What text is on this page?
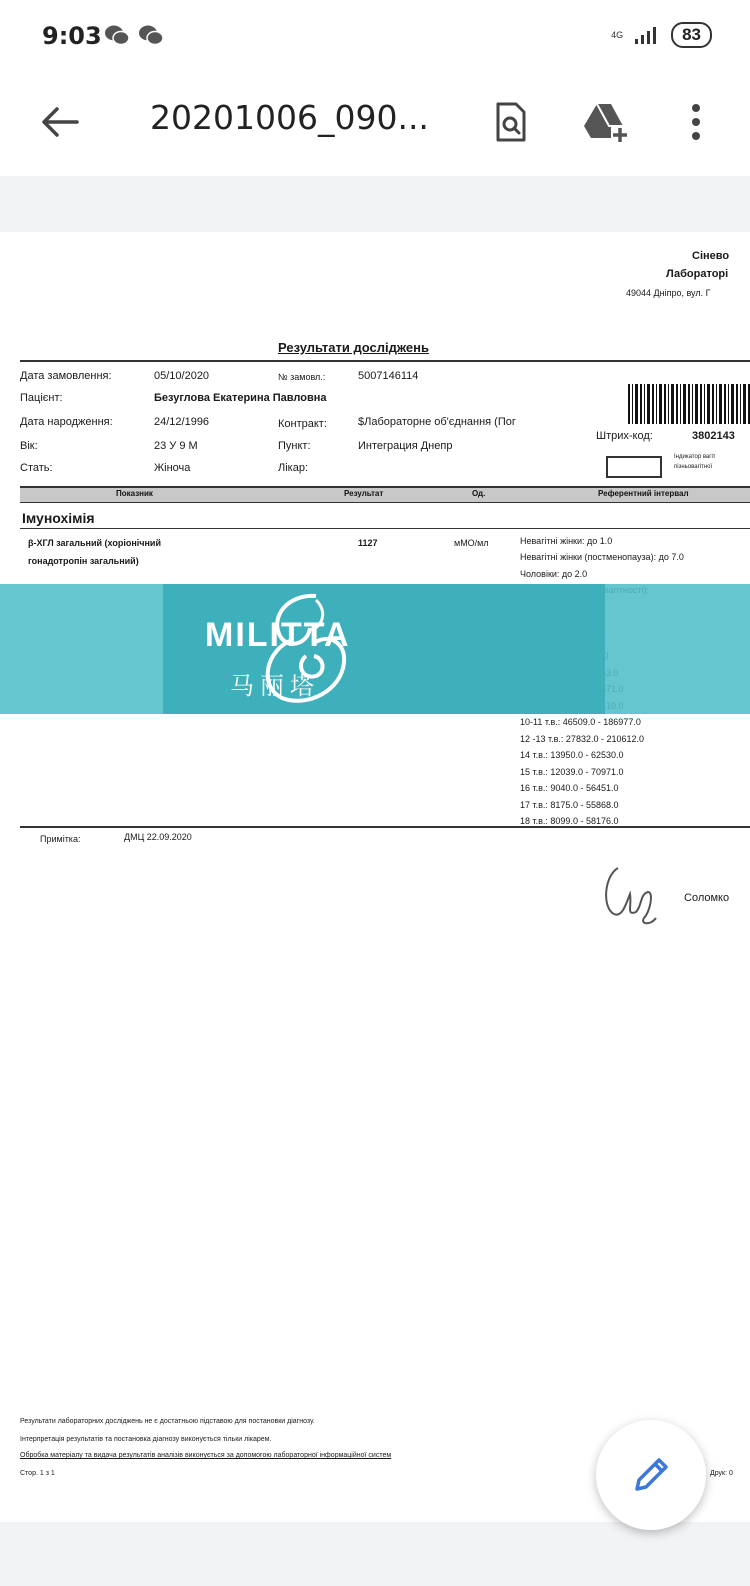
9:03	4G	83
20201006_090...
Сінево
Лабораторі
49044 Дніпро, вул. Г
Результати досліджень
Дата замовлення:	05/10/2020	№ замовл.:	5007146114
Пацієнт:	Безуглова Екатерина Павловна
Дата народження:	24/12/1996	Контракт:	$Лабораторне об'єднання (Пог
Вік:	23 У 9 М	Пункт:	Интеграция Днепр
Стать:	Жіноча	Лікар:
Штрих-код:	3802143
Індикатор вагіт
пізньовагітної
Показник	Результат	Од.	Референтний інтервал
Імунохімія
β-ХГЛ загальний (хоріонічний
гонадотропін загальний)
1127	мМО/мл	Невагітні жінки: до 1.0
Невагітні жінки (постменопауза): до 7.0
Чоловіки: до 2.0
10-11 т.в.: 46509.0 - 186977.0
12 -13 т.в.: 27832.0 - 210612.0
14 т.в.: 13950.0 - 62530.0
15 т.в.: 12039.0 - 70971.0
16 т.в.: 9040.0 - 56451.0
17 т.в.: 8175.0 - 55868.0
18 т.в.: 8099.0 - 58176.0
Примітка:	ДМЦ 22.09.2020
Соломко
Результати лабораторних досліджень не є достатньою підставою для постановки діагнозу.
Інтерпретація результатів та постановка діагнозу виконується тільки лікарем.
Обробка матеріалу та видача результатів аналізів виконується за допомогою лабораторної інформаційної систем
Стор. 1 з 1	Друк: 0
MILITTA
马丽塔
